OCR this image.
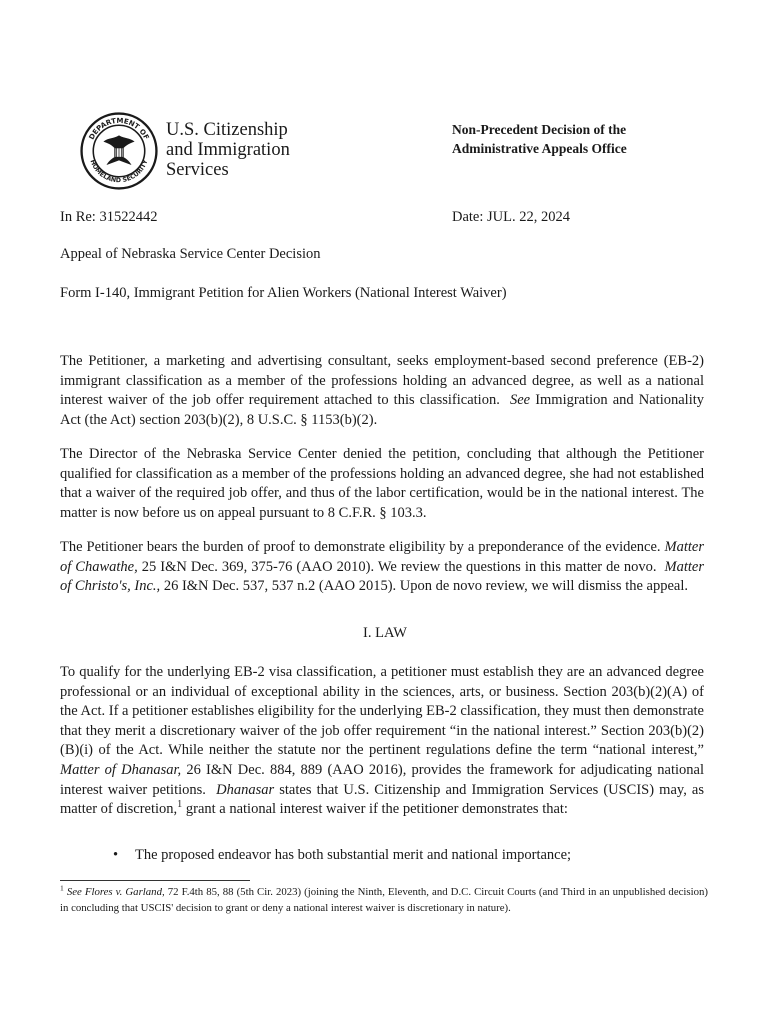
DEPARTMENT OF
HOMELAND SECURITY
U.S. Citizenship
and Immigration
Services
Non-Precedent Decision of the
Administrative Appeals Office
In Re: 31522442	Date: JUL. 22, 2024
Appeal of Nebraska Service Center Decision
Form I-140, Immigrant Petition for Alien Workers (National Interest Waiver)
The Petitioner, a marketing and advertising consultant, seeks employment-based second preference (EB-2) immigrant classification as a member of the professions holding an advanced degree, as well as a national interest waiver of the job offer requirement attached to this classification. See Immigration and Nationality Act (the Act) section 203(b)(2), 8 U.S.C. § 1153(b)(2).
The Director of the Nebraska Service Center denied the petition, concluding that although the Petitioner qualified for classification as a member of the professions holding an advanced degree, she had not established that a waiver of the required job offer, and thus of the labor certification, would be in the national interest. The matter is now before us on appeal pursuant to 8 C.F.R. § 103.3.
The Petitioner bears the burden of proof to demonstrate eligibility by a preponderance of the evidence. Matter of Chawathe, 25 I&N Dec. 369, 375-76 (AAO 2010). We review the questions in this matter de novo. Matter of Christo's, Inc., 26 I&N Dec. 537, 537 n.2 (AAO 2015). Upon de novo review, we will dismiss the appeal.
I. LAW
To qualify for the underlying EB-2 visa classification, a petitioner must establish they are an advanced degree professional or an individual of exceptional ability in the sciences, arts, or business. Section 203(b)(2)(A) of the Act. If a petitioner establishes eligibility for the underlying EB-2 classification, they must then demonstrate that they merit a discretionary waiver of the job offer requirement “in the national interest.” Section 203(b)(2)(B)(i) of the Act. While neither the statute nor the pertinent regulations define the term “national interest,” Matter of Dhanasar, 26 I&N Dec. 884, 889 (AAO 2016), provides the framework for adjudicating national interest waiver petitions. Dhanasar states that U.S. Citizenship and Immigration Services (USCIS) may, as matter of discretion,$^1$ grant a national interest waiver if the petitioner demonstrates that:
• The proposed endeavor has both substantial merit and national importance;
$^1$ See Flores v. Garland, 72 F.4th 85, 88 (5th Cir. 2023) (joining the Ninth, Eleventh, and D.C. Circuit Courts (and Third in an unpublished decision) in concluding that USCIS' decision to grant or deny a national interest waiver is discretionary in nature).
